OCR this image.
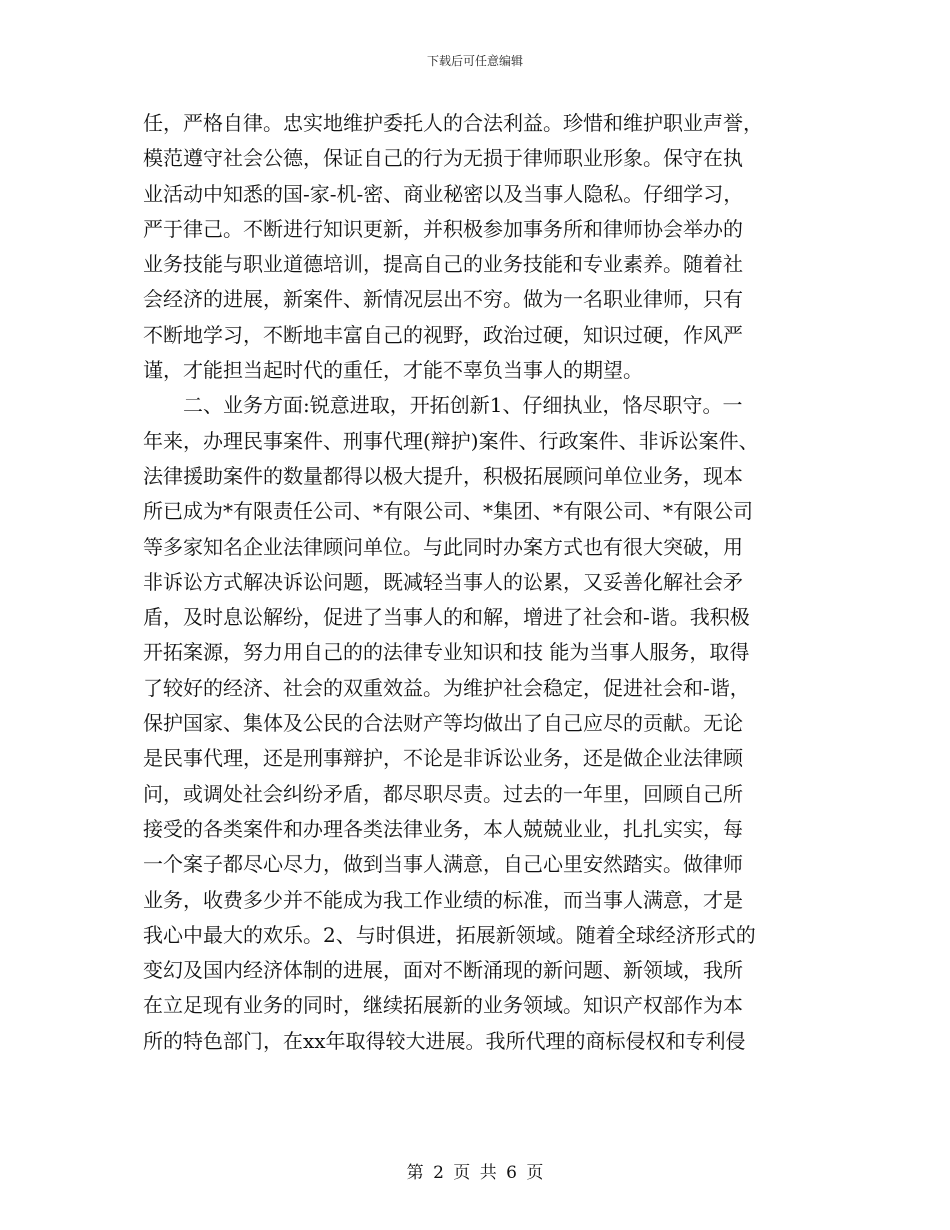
下载后可任意编辑
任，严格自律。忠实地维护委托人的合法利益。珍惜和维护职业声誉，
模范遵守社会公德，保证自己的行为无损于律师职业形象。保守在执
业活动中知悉的国-家-机-密、商业秘密以及当事人隐私。仔细学习，
严于律己。不断进行知识更新，并积极参加事务所和律师协会举办的
业务技能与职业道德培训，提高自己的业务技能和专业素养。随着社
会经济的进展，新案件、新情况层出不穷。做为一名职业律师，只有
不断地学习，不断地丰富自己的视野，政治过硬，知识过硬，作风严
谨，才能担当起时代的重任，才能不辜负当事人的期望。
二、业务方面:锐意进取，开拓创新1、仔细执业，恪尽职守。一
年来，办理民事案件、刑事代理(辩护)案件、行政案件、非诉讼案件、
法律援助案件的数量都得以极大提升，积极拓展顾问单位业务，现本
所已成为*有限责任公司、*有限公司、*集团、*有限公司、*有限公司
等多家知名企业法律顾问单位。与此同时办案方式也有很大突破，用
非诉讼方式解决诉讼问题，既减轻当事人的讼累，又妥善化解社会矛
盾，及时息讼解纷，促进了当事人的和解，增进了社会和-谐。我积极
开拓案源，努力用自己的的法律专业知识和技 能为当事人服务，取得
了较好的经济、社会的双重效益。为维护社会稳定，促进社会和-谐，
保护国家、集体及公民的合法财产等均做出了自己应尽的贡献。无论
是民事代理，还是刑事辩护，不论是非诉讼业务，还是做企业法律顾
问，或调处社会纠纷矛盾，都尽职尽责。过去的一年里，回顾自己所
接受的各类案件和办理各类法律业务，本人兢兢业业，扎扎实实，每
一个案子都尽心尽力，做到当事人满意，自己心里安然踏实。做律师
业务，收费多少并不能成为我工作业绩的标准，而当事人满意，才是
我心中最大的欢乐。2、与时俱进，拓展新领域。随着全球经济形式的
变幻及国内经济体制的进展，面对不断涌现的新问题、新领域，我所
在立足现有业务的同时，继续拓展新的业务领域。知识产权部作为本
所的特色部门，在xx年取得较大进展。我所代理的商标侵权和专利侵
第 2 页 共 6 页
